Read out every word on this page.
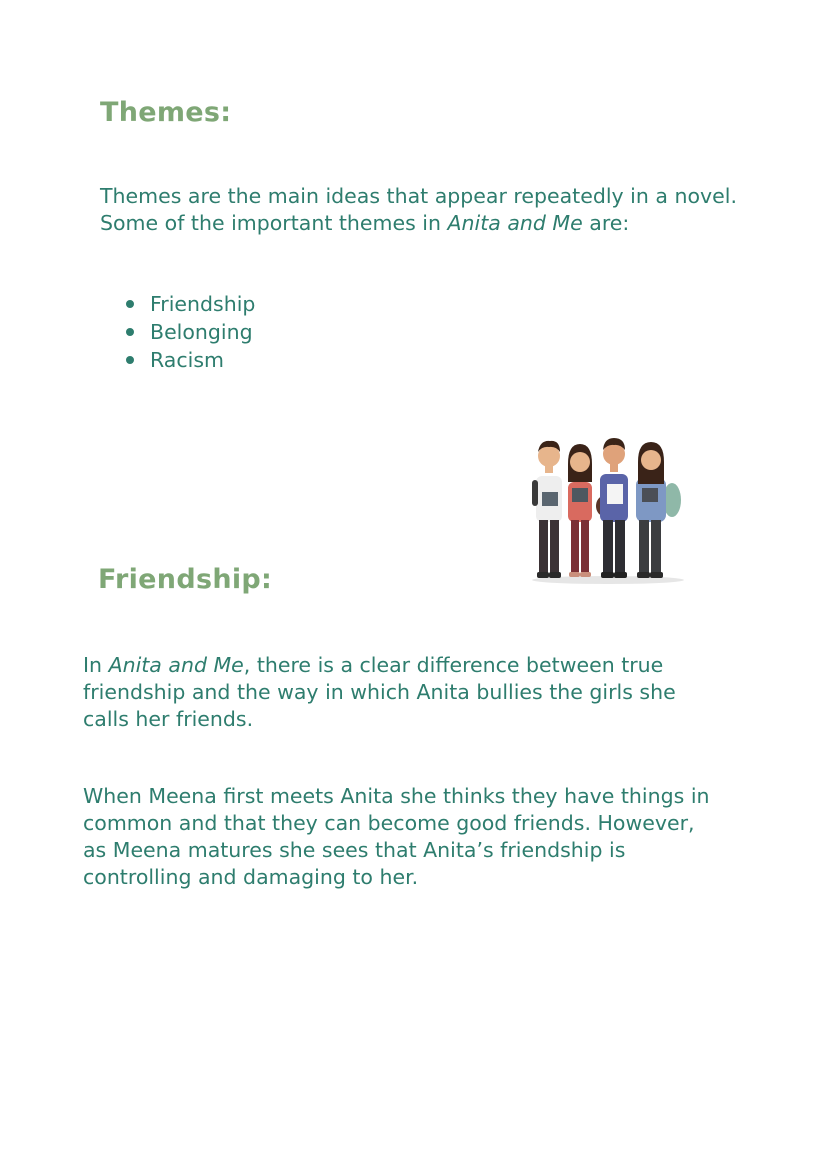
Themes:

Themes are the main ideas that appear repeatedly in a novel. Some of the important themes in Anita and Me are:

Friendship
Belonging
Racism
Friendship:

In Anita and Me, there is a clear difference between true friendship and the way in which Anita bullies the girls she calls her friends.

When Meena first meets Anita she thinks they have things in common and that they can become good friends. However, as Meena matures she sees that Anita’s friendship is controlling and damaging to her.
